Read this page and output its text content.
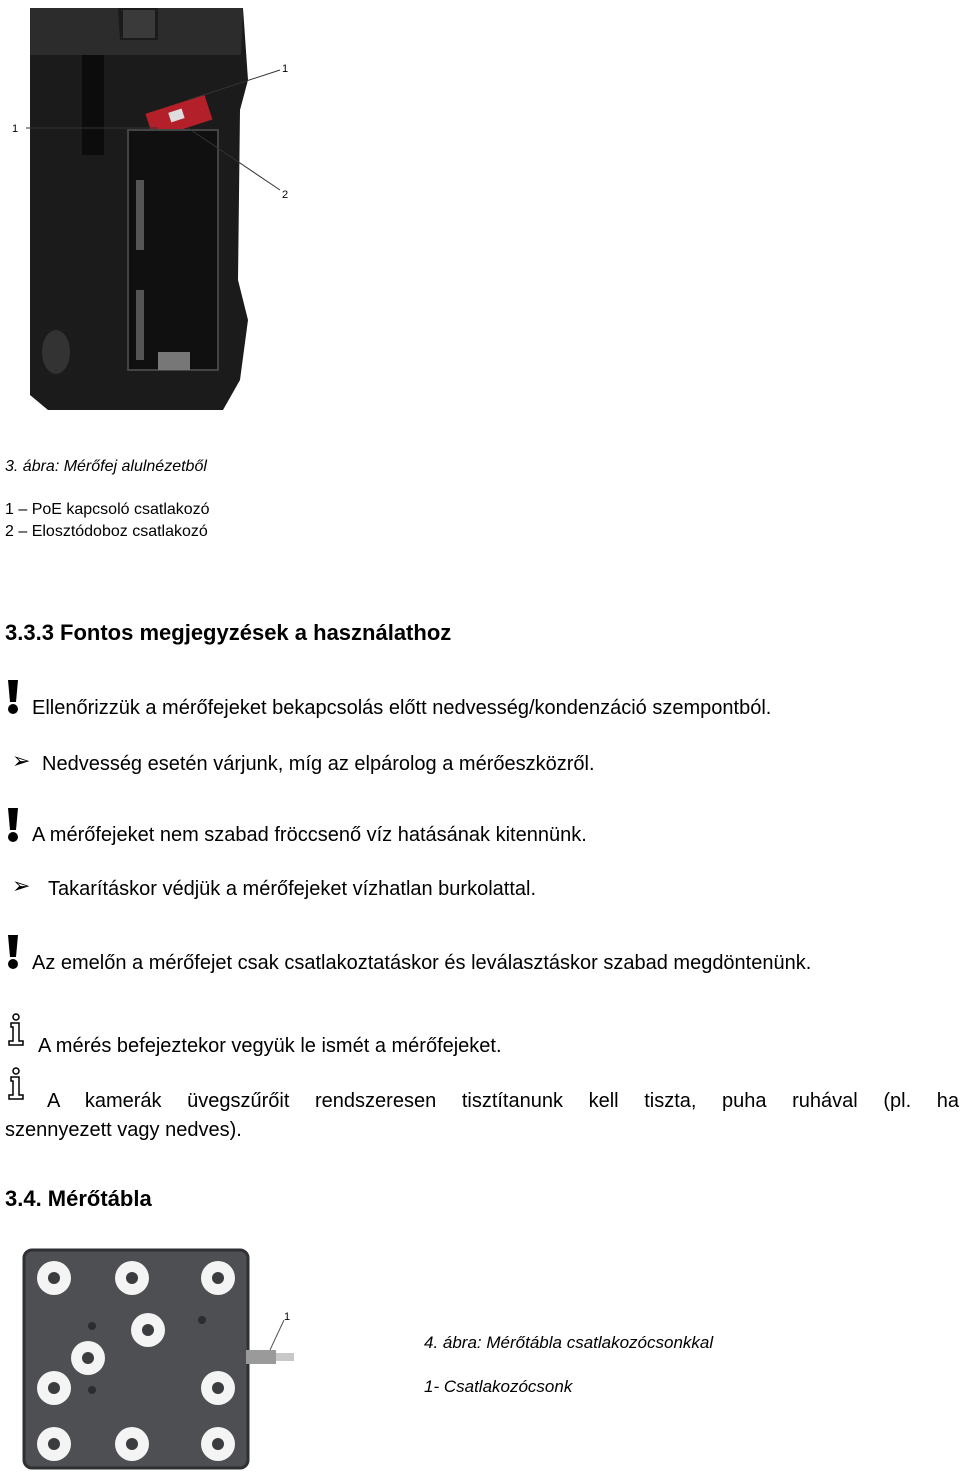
1
1
2
3. ábra: Mérőfej alulnézetből
1 – PoE kapcsoló csatlakozó
2 – Elosztódoboz csatlakozó
3.3.3 Fontos megjegyzések a használathoz
Ellenőrizzük a mérőfejeket bekapcsolás előtt nedvesség/kondenzáció szempontból.
➢ Nedvesség esetén várjunk, míg az elpárolog a mérőeszközről.
A mérőfejeket nem szabad fröccsenő víz hatásának kitennünk.
➢ Takarításkor védjük a mérőfejeket vízhatlan burkolattal.
Az emelőn a mérőfejet csak csatlakoztatáskor és leválasztáskor szabad megdöntenünk.
A mérés befejeztekor vegyük le ismét a mérőfejeket.
A kamerák üvegszűrőit rendszeresen tisztítanunk kell tiszta, puha ruhával (pl. ha
szennyezett vagy nedves).
3.4. Mérőtábla
1
4. ábra: Mérőtábla csatlakozócsonkkal
1- Csatlakozócsonk
